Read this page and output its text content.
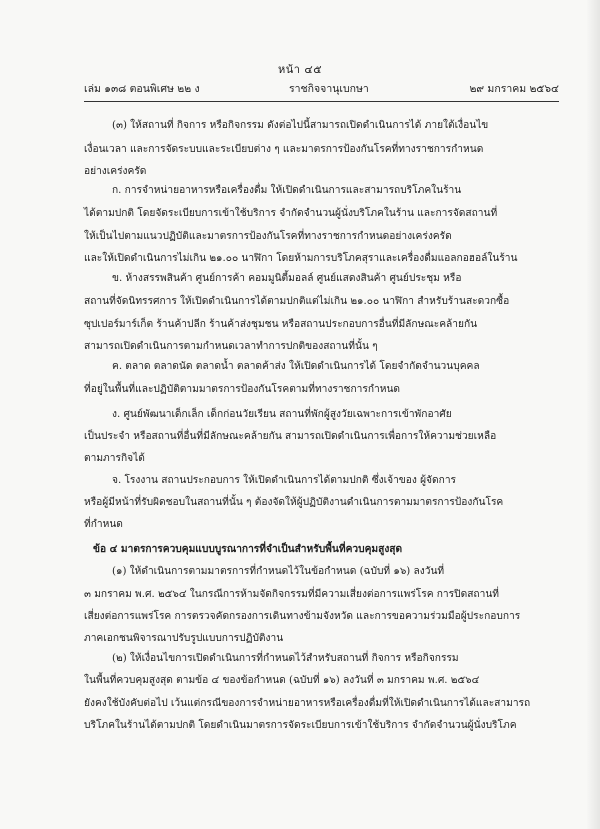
หน้า ๔๕
เล่ม ๑๓๘ ตอนพิเศษ ๒๒ ง	ราชกิจจานุเบกษา	๒๙ มกราคม ๒๕๖๔
(๓) ให้สถานที่ กิจการ หรือกิจกรรม ดังต่อไปนี้สามารถเปิดดำเนินการได้ ภายใต้เงื่อนไข
เงื่อนเวลา และการจัดระบบและระเบียบต่าง ๆ และมาตรการป้องกันโรคที่ทางราชการกำหนด
อย่างเคร่งครัด
ก. การจำหน่ายอาหารหรือเครื่องดื่ม ให้เปิดดำเนินการและสามารถบริโภคในร้าน
ได้ตามปกติ โดยจัดระเบียบการเข้าใช้บริการ จำกัดจำนวนผู้นั่งบริโภคในร้าน และการจัดสถานที่
ให้เป็นไปตามแนวปฏิบัติและมาตรการป้องกันโรคที่ทางราชการกำหนดอย่างเคร่งครัด
และให้เปิดดำเนินการไม่เกิน ๒๑.๐๐ นาฬิกา โดยห้ามการบริโภคสุราและเครื่องดื่มแอลกอฮอล์ในร้าน
ข. ห้างสรรพสินค้า ศูนย์การค้า คอมมูนิตี้มอลล์ ศูนย์แสดงสินค้า ศูนย์ประชุม หรือ
สถานที่จัดนิทรรศการ ให้เปิดดำเนินการได้ตามปกติแต่ไม่เกิน ๒๑.๐๐ นาฬิกา สำหรับร้านสะดวกซื้อ
ซุปเปอร์มาร์เก็ต ร้านค้าปลีก ร้านค้าส่งชุมชน หรือสถานประกอบการอื่นที่มีลักษณะคล้ายกัน
สามารถเปิดดำเนินการตามกำหนดเวลาทำการปกติของสถานที่นั้น ๆ
ค. ตลาด ตลาดนัด ตลาดน้ำ ตลาดค้าส่ง ให้เปิดดำเนินการได้ โดยจำกัดจำนวนบุคคล
ที่อยู่ในพื้นที่และปฏิบัติตามมาตรการป้องกันโรคตามที่ทางราชการกำหนด
ง. ศูนย์พัฒนาเด็กเล็ก เด็กก่อนวัยเรียน สถานที่พักผู้สูงวัยเฉพาะการเข้าพักอาศัย
เป็นประจำ หรือสถานที่อื่นที่มีลักษณะคล้ายกัน สามารถเปิดดำเนินการเพื่อการให้ความช่วยเหลือ
ตามภารกิจได้
จ. โรงงาน สถานประกอบการ ให้เปิดดำเนินการได้ตามปกติ ซึ่งเจ้าของ ผู้จัดการ
หรือผู้มีหน้าที่รับผิดชอบในสถานที่นั้น ๆ ต้องจัดให้ผู้ปฏิบัติงานดำเนินการตามมาตรการป้องกันโรค
ที่กำหนด
ข้อ ๔ มาตรการควบคุมแบบบูรณาการที่จำเป็นสำหรับพื้นที่ควบคุมสูงสุด
(๑) ให้ดำเนินการตามมาตรการที่กำหนดไว้ในข้อกำหนด (ฉบับที่ ๑๖) ลงวันที่
๓ มกราคม พ.ศ. ๒๕๖๔ ในกรณีการห้ามจัดกิจกรรมที่มีความเสี่ยงต่อการแพร่โรค การปิดสถานที่
เสี่ยงต่อการแพร่โรค การตรวจคัดกรองการเดินทางข้ามจังหวัด และการขอความร่วมมือผู้ประกอบการ
ภาคเอกชนพิจารณาปรับรูปแบบการปฏิบัติงาน
(๒) ให้เงื่อนไขการเปิดดำเนินการที่กำหนดไว้สำหรับสถานที่ กิจการ หรือกิจกรรม
ในพื้นที่ควบคุมสูงสุด ตามข้อ ๔ ของข้อกำหนด (ฉบับที่ ๑๖) ลงวันที่ ๓ มกราคม พ.ศ. ๒๕๖๔
ยังคงใช้บังคับต่อไป เว้นแต่กรณีของการจำหน่ายอาหารหรือเครื่องดื่มที่ให้เปิดดำเนินการได้และสามารถ
บริโภคในร้านได้ตามปกติ โดยดำเนินมาตรการจัดระเบียบการเข้าใช้บริการ จำกัดจำนวนผู้นั่งบริโภค
